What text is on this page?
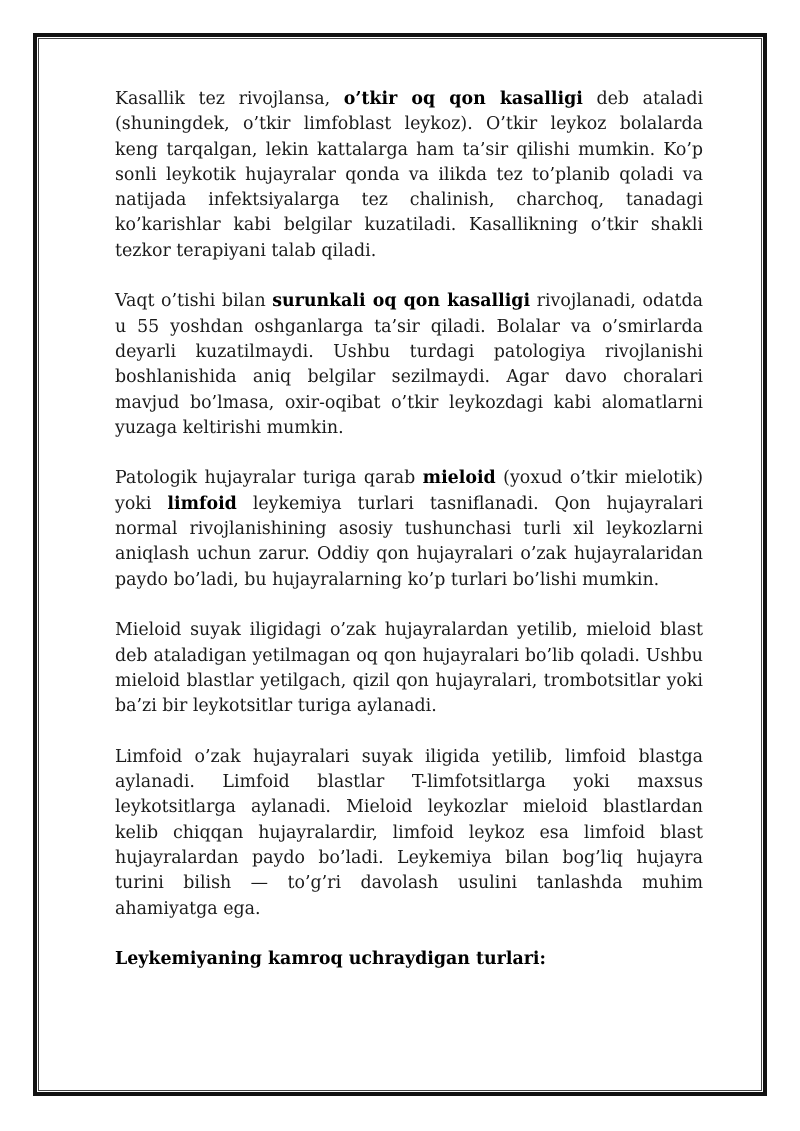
Kasallik tez rivojlansa, o’tkir oq qon kasalligi deb ataladi (shuningdek, o’tkir limfoblast leykoz). O’tkir leykoz bolalarda keng tarqalgan, lekin kattalarga ham ta’sir qilishi mumkin. Ko’p sonli leykotik hujayralar qonda va ilikda tez to’planib qoladi va natijada infektsiyalarga tez chalinish, charchoq, tanadagi ko’karishlar kabi belgilar kuzatiladi. Kasallikning o’tkir shakli tezkor terapiyani talab qiladi.

Vaqt o’tishi bilan surunkali oq qon kasalligi rivojlanadi, odatda u 55 yoshdan oshganlarga ta’sir qiladi. Bolalar va o’smirlarda deyarli kuzatilmaydi. Ushbu turdagi patologiya rivojlanishi boshlanishida aniq belgilar sezilmaydi. Agar davo choralari mavjud bo’lmasa, oxir-oqibat o’tkir leykozdagi kabi alomatlarni yuzaga keltirishi mumkin.

Patologik hujayralar turiga qarab mieloid (yoxud o’tkir mielotik) yoki limfoid leykemiya turlari tasniflanadi. Qon hujayralari normal rivojlanishining asosiy tushunchasi turli xil leykozlarni aniqlash uchun zarur. Oddiy qon hujayralari o’zak hujayralaridan paydo bo’ladi, bu hujayralarning ko’p turlari bo’lishi mumkin.

Mieloid suyak iligidagi o’zak hujayralardan yetilib, mieloid blast deb ataladigan yetilmagan oq qon hujayralari bo’lib qoladi. Ushbu mieloid blastlar yetilgach, qizil qon hujayralari, trombotsitlar yoki ba’zi bir leykotsitlar turiga aylanadi.

Limfoid o’zak hujayralari suyak iligida yetilib, limfoid blastga aylanadi. Limfoid blastlar T-limfotsitlarga yoki maxsus leykotsitlarga aylanadi. Mieloid leykozlar mieloid blastlardan kelib chiqqan hujayralardir, limfoid leykoz esa limfoid blast hujayralardan paydo bo’ladi. Leykemiya bilan bog’liq hujayra turini bilish — to’g’ri davolash usulini tanlashda muhim ahamiyatga ega.

Leykemiyaning kamroq uchraydigan turlari:
